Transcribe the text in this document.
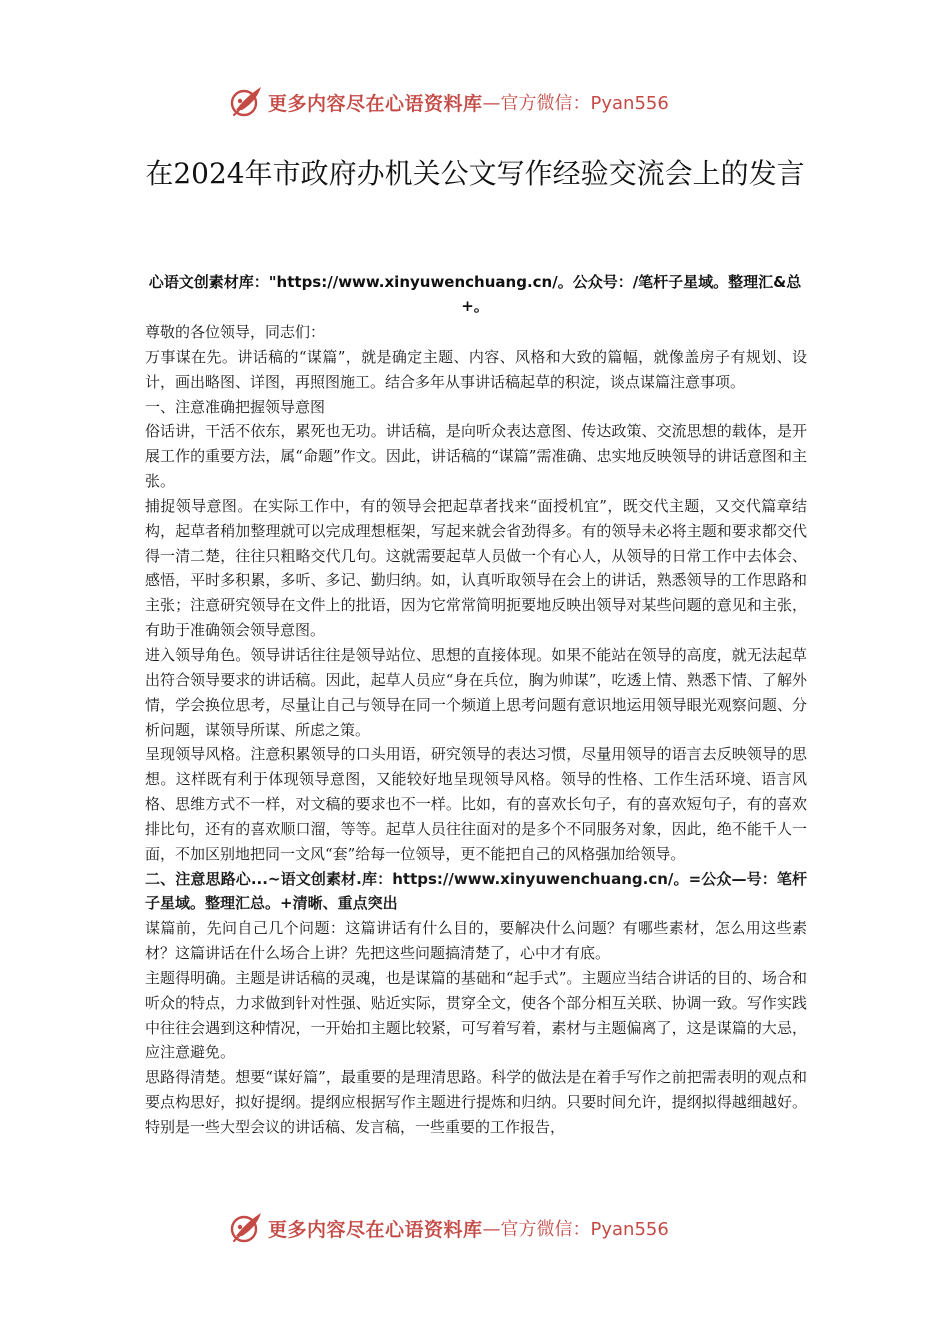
更多内容尽在心语资料库 —官方微信：Pyan556
在2024年市政府办机关公文写作经验交流会上的发言

心语文创素材库："https://www.xinyuwenchuang.cn/。公众号：/笔杆子星域。整理汇&总+。

尊敬的各位领导，同志们：

万事谋在先。讲话稿的“谋篇”，就是确定主题、内容、风格和大致的篇幅，就像盖房子有规划、设计，画出略图、详图，再照图施工。结合多年从事讲话稿起草的积淀，谈点谋篇注意事项。

一、注意准确把握领导意图

俗话讲，干活不依东，累死也无功。讲话稿，是向听众表达意图、传达政策、交流思想的载体，是开展工作的重要方法，属“命题”作文。因此，讲话稿的“谋篇”需准确、忠实地反映领导的讲话意图和主张。

捕捉领导意图。在实际工作中，有的领导会把起草者找来“面授机宜”，既交代主题，又交代篇章结构，起草者稍加整理就可以完成理想框架，写起来就会省劲得多。有的领导未必将主题和要求都交代得一清二楚，往往只粗略交代几句。这就需要起草人员做一个有心人，从领导的日常工作中去体会、感悟，平时多积累，多听、多记、勤归纳。如，认真听取领导在会上的讲话，熟悉领导的工作思路和主张；注意研究领导在文件上的批语，因为它常常简明扼要地反映出领导对某些问题的意见和主张，有助于准确领会领导意图。

进入领导角色。领导讲话往往是领导站位、思想的直接体现。如果不能站在领导的高度，就无法起草出符合领导要求的讲话稿。因此，起草人员应“身在兵位，胸为帅谋”，吃透上情、熟悉下情、了解外情，学会换位思考，尽量让自己与领导在同一个频道上思考问题有意识地运用领导眼光观察问题、分析问题，谋领导所谋、所虑之策。

呈现领导风格。注意积累领导的口头用语，研究领导的表达习惯，尽量用领导的语言去反映领导的思想。这样既有利于体现领导意图，又能较好地呈现领导风格。领导的性格、工作生活环境、语言风格、思维方式不一样，对文稿的要求也不一样。比如，有的喜欢长句子，有的喜欢短句子，有的喜欢排比句，还有的喜欢顺口溜，等等。起草人员往往面对的是多个不同服务对象，因此，绝不能千人一面，不加区别地把同一文风“套”给每一位领导，更不能把自己的风格强加给领导。

二、注意思路心...~语文创素材.库：https://www.xinyuwenchuang.cn/。=公众—号：笔杆子星域。整理汇总。+清晰、重点突出

谋篇前，先问自己几个问题：这篇讲话有什么目的，要解决什么问题？有哪些素材，怎么用这些素材？这篇讲话在什么场合上讲？先把这些问题搞清楚了，心中才有底。

主题得明确。主题是讲话稿的灵魂，也是谋篇的基础和“起手式”。主题应当结合讲话的目的、场合和听众的特点，力求做到针对性强、贴近实际，贯穿全文，使各个部分相互关联、协调一致。写作实践中往往会遇到这种情况，一开始扣主题比较紧，可写着写着，素材与主题偏离了，这是谋篇的大忌，应注意避免。

思路得清楚。想要“谋好篇”，最重要的是理清思路。科学的做法是在着手写作之前把需表明的观点和要点构思好，拟好提纲。提纲应根据写作主题进行提炼和归纳。只要时间允许，提纲拟得越细越好。特别是一些大型会议的讲话稿、发言稿，一些重要的工作报告，

更多内容尽在心语资料库 —官方微信：Pyan556
